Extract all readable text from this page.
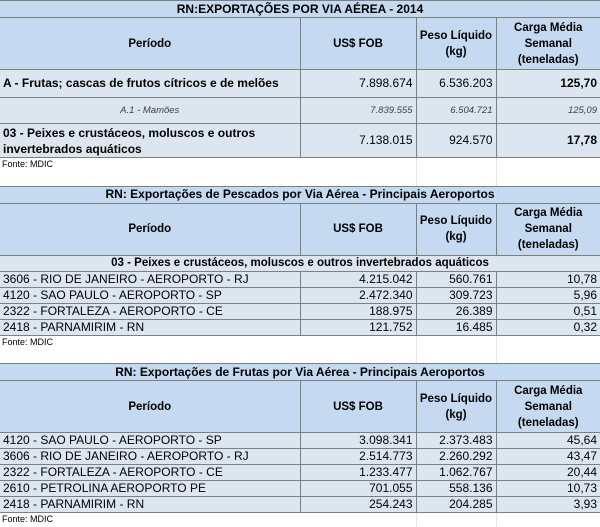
RN:EXPORTAÇÕES POR VIA AÉREA - 2014			
Período	US$ FOB	Peso Líquido (kg)	Carga Média Semanal (teneladas)
A - Frutas; cascas de frutos cítricos e de melões	7.898.674	6.536.203	125,70
A.1 - Mamões	7.839.555	6.504.721	125,09
03 - Peixes e crustáceos, moluscos e outros invertebrados aquáticos	7.138.015	924.570	17,78
Fonte: MDIC			

RN: Exportações de Pescados por Via Aérea - Principais Aeroportos			
Período	US$ FOB	Peso Líquido (kg)	Carga Média Semanal (teneladas)
03 - Peixes e crustáceos, moluscos e outros invertebrados aquáticos			
3606 - RIO DE JANEIRO - AEROPORTO - RJ	4.215.042	560.761	10,78
4120 - SAO PAULO - AEROPORTO - SP	2.472.340	309.723	5,96
2322 - FORTALEZA - AEROPORTO - CE	188.975	26.389	0,51
2418 - PARNAMIRIM - RN	121.752	16.485	0,32
Fonte: MDIC			

RN: Exportações de Frutas por Via Aérea - Principais Aeroportos			
Período	US$ FOB	Peso Líquido (kg)	Carga Média Semanal (teneladas)
4120 - SAO PAULO - AEROPORTO - SP	3.098.341	2.373.483	45,64
3606 - RIO DE JANEIRO - AEROPORTO - RJ	2.514.773	2.260.292	43,47
2322 - FORTALEZA - AEROPORTO - CE	1.233.477	1.062.767	20,44
2610 - PETROLINA AEROPORTO PE	701.055	558.136	10,73
2418 - PARNAMIRIM - RN	254.243	204.285	3,93
Fonte: MDIC			
